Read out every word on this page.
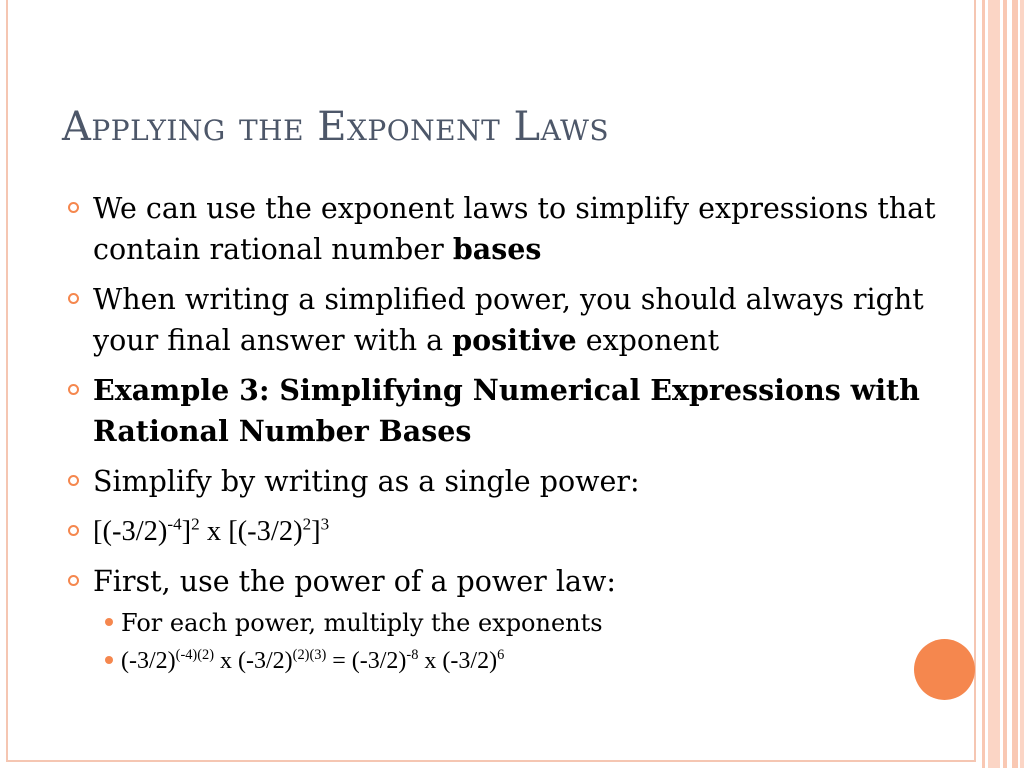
Applying the Exponent Laws
We can use the exponent laws to simplify expressions that contain rational number bases
When writing a simplified power, you should always right your final answer with a positive exponent
Example 3: Simplifying Numerical Expressions with Rational Number Bases
Simplify by writing as a single power:
$[(-3/2)^{-4}]^2$ x $[(-3/2)^2]^3$
First, use the power of a power law:
For each power, multiply the exponents
$(-3/2)^{(-4)(2)}$ x $(-3/2)^{(2)(3)} = (-3/2)^{-8}$ x $(-3/2)^6$
